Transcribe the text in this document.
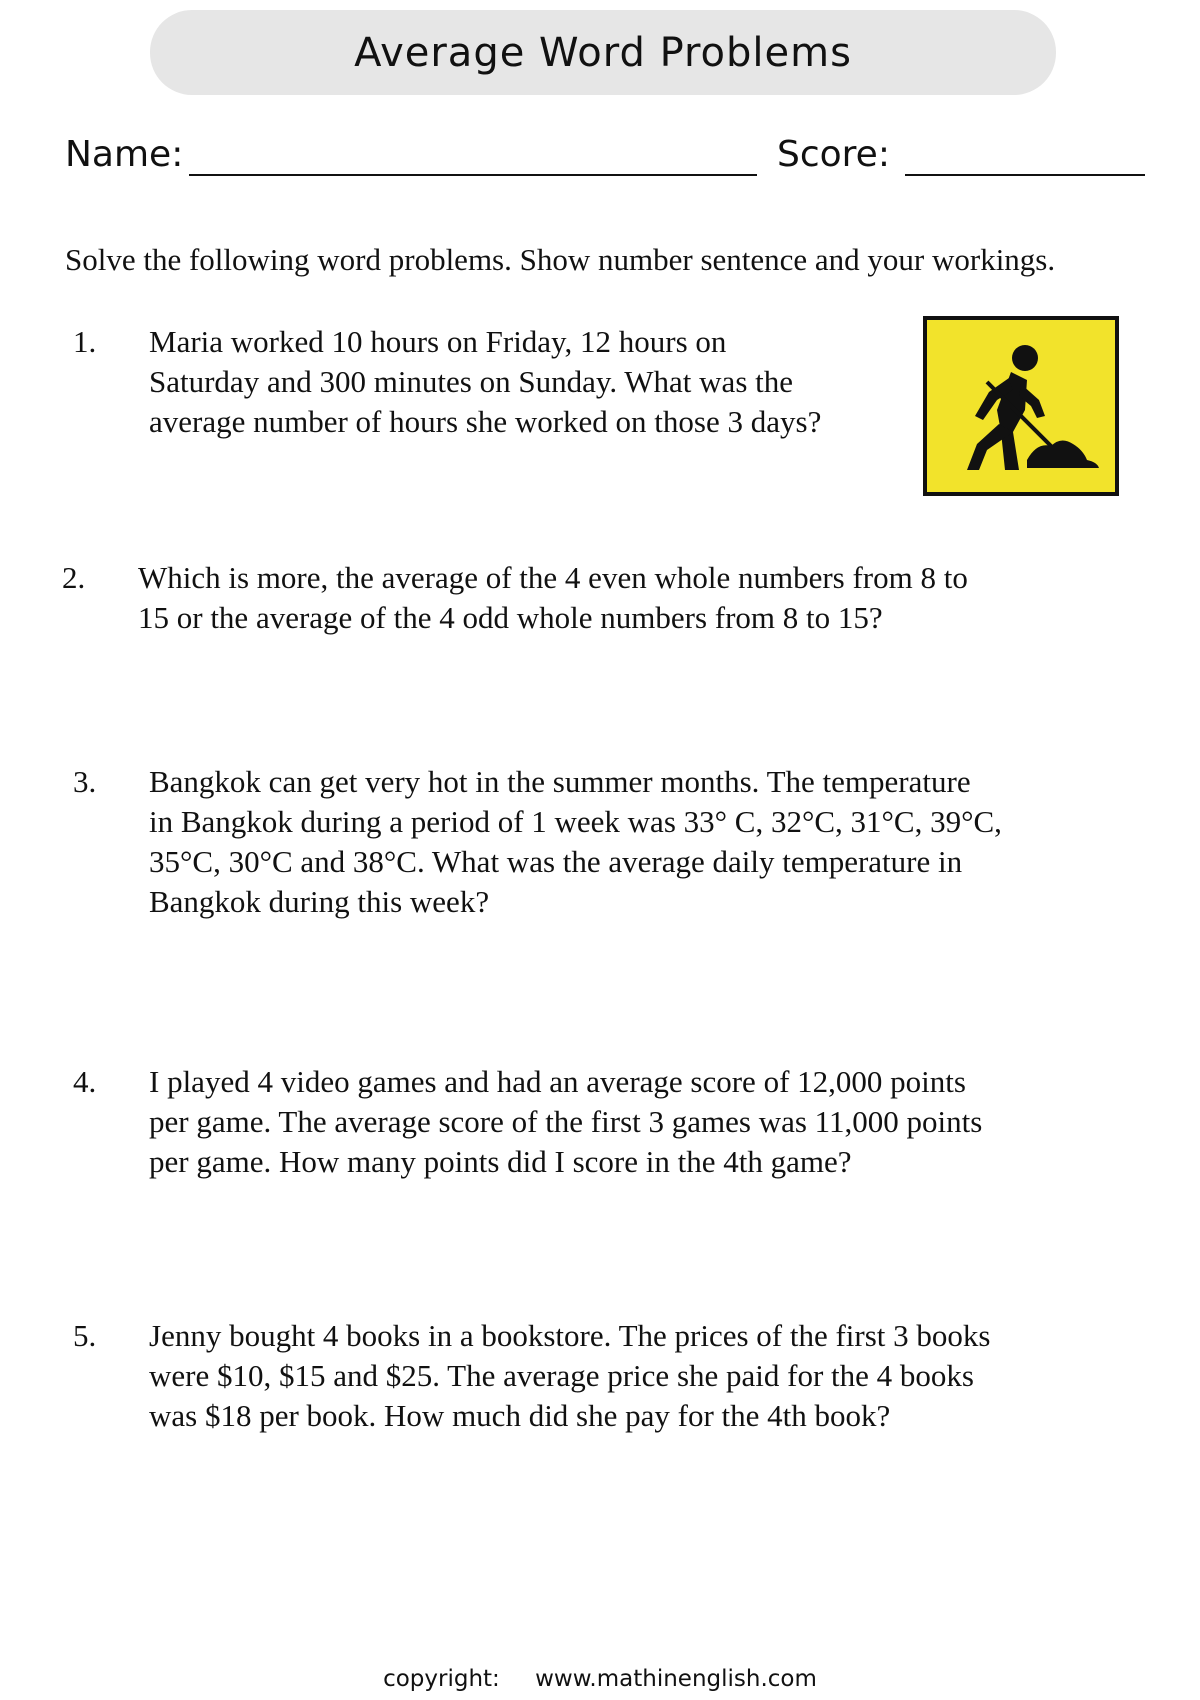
Average Word Problems
Name:	Score:
Solve the following word problems. Show number sentence and your workings.
1. Maria worked 10 hours on Friday, 12 hours on
Saturday and 300 minutes on Sunday. What was the
average number of hours she worked on those 3 days?
2. Which is more, the average of the 4 even whole numbers from 8 to
15 or the average of the 4 odd whole numbers from 8 to 15?
3. Bangkok can get very hot in the summer months. The temperature
in Bangkok during a period of 1 week was 33° C, 32°C, 31°C, 39°C,
35°C, 30°C and 38°C. What was the average daily temperature in
Bangkok during this week?
4. I played 4 video games and had an average score of 12,000 points
per game. The average score of the first 3 games was 11,000 points
per game. How many points did I score in the 4th game?
5. Jenny bought 4 books in a bookstore. The prices of the first 3 books
were $10, $15 and $25. The average price she paid for the 4 books
was $18 per book. How much did she pay for the 4th book?
copyright: www.mathinenglish.com
